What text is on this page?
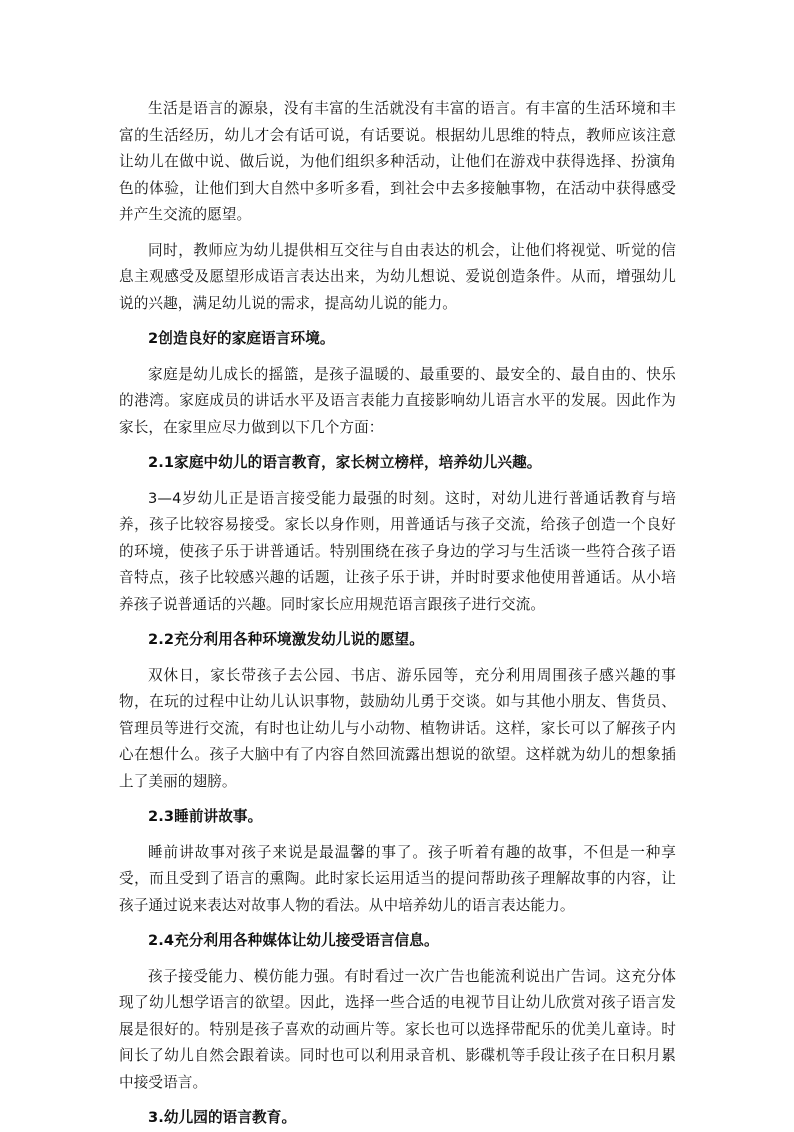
生活是语言的源泉，没有丰富的生活就没有丰富的语言。有丰富的生活环境和丰富的生活经历，幼儿才会有话可说，有话要说。根据幼儿思维的特点，教师应该注意让幼儿在做中说、做后说，为他们组织多种活动，让他们在游戏中获得选择、扮演角色的体验，让他们到大自然中多听多看，到社会中去多接触事物，在活动中获得感受并产生交流的愿望。

同时，教师应为幼儿提供相互交往与自由表达的机会，让他们将视觉、听觉的信息主观感受及愿望形成语言表达出来，为幼儿想说、爱说创造条件。从而，增强幼儿说的兴趣，满足幼儿说的需求，提高幼儿说的能力。

2创造良好的家庭语言环境。

家庭是幼儿成长的摇篮，是孩子温暖的、最重要的、最安全的、最自由的、快乐的港湾。家庭成员的讲话水平及语言表能力直接影响幼儿语言水平的发展。因此作为家长，在家里应尽力做到以下几个方面：

2.1家庭中幼儿的语言教育，家长树立榜样，培养幼儿兴趣。

3—4岁幼儿正是语言接受能力最强的时刻。这时，对幼儿进行普通话教育与培养，孩子比较容易接受。家长以身作则，用普通话与孩子交流，给孩子创造一个良好的环境，使孩子乐于讲普通话。特别围绕在孩子身边的学习与生活谈一些符合孩子语音特点，孩子比较感兴趣的话题，让孩子乐于讲，并时时要求他使用普通话。从小培养孩子说普通话的兴趣。同时家长应用规范语言跟孩子进行交流。

2.2充分利用各种环境激发幼儿说的愿望。

双休日，家长带孩子去公园、书店、游乐园等，充分利用周围孩子感兴趣的事物，在玩的过程中让幼儿认识事物，鼓励幼儿勇于交谈。如与其他小朋友、售货员、管理员等进行交流，有时也让幼儿与小动物、植物讲话。这样，家长可以了解孩子内心在想什么。孩子大脑中有了内容自然回流露出想说的欲望。这样就为幼儿的想象插上了美丽的翅膀。

2.3睡前讲故事。

睡前讲故事对孩子来说是最温馨的事了。孩子听着有趣的故事，不但是一种享受，而且受到了语言的熏陶。此时家长运用适当的提问帮助孩子理解故事的内容，让孩子通过说来表达对故事人物的看法。从中培养幼儿的语言表达能力。

2.4充分利用各种媒体让幼儿接受语言信息。

孩子接受能力、模仿能力强。有时看过一次广告也能流利说出广告词。这充分体现了幼儿想学语言的欲望。因此，选择一些合适的电视节目让幼儿欣赏对孩子语言发展是很好的。特别是孩子喜欢的动画片等。家长也可以选择带配乐的优美儿童诗。时间长了幼儿自然会跟着读。同时也可以利用录音机、影碟机等手段让孩子在日积月累中接受语言。

3.幼儿园的语言教育。
